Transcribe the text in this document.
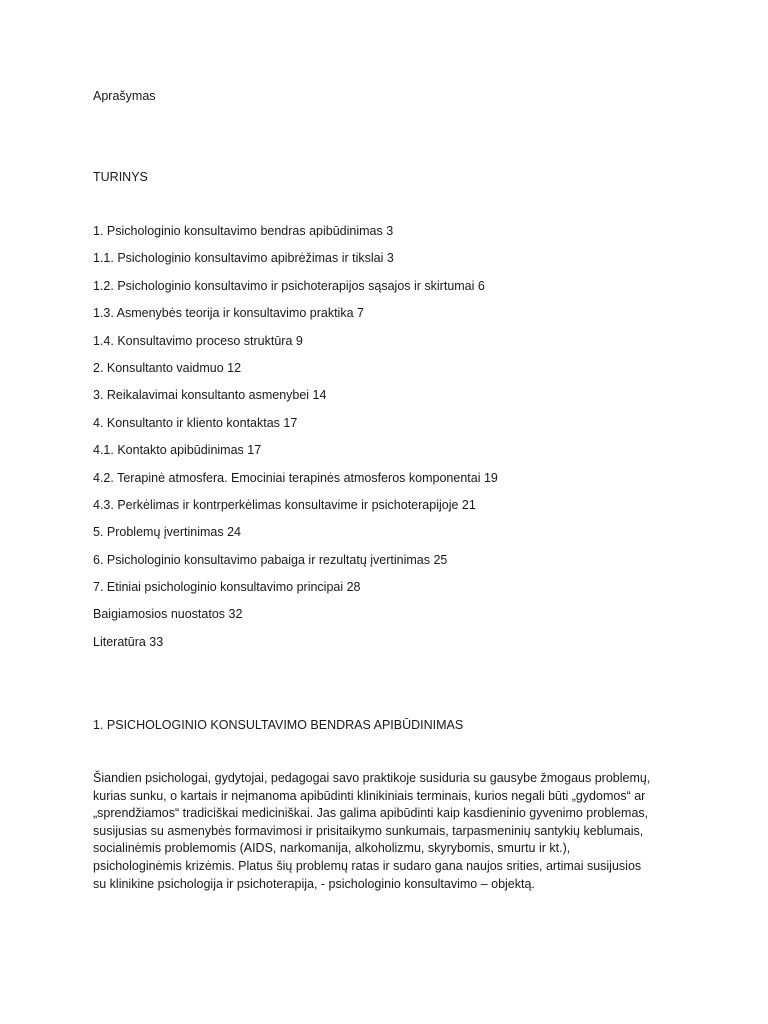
Aprašymas
TURINYS
1. Psichologinio konsultavimo bendras apibūdinimas 3
1.1. Psichologinio konsultavimo apibrėžimas ir tikslai 3
1.2. Psichologinio konsultavimo ir psichoterapijos sąsajos ir skirtumai 6
1.3. Asmenybės teorija ir konsultavimo praktika 7
1.4. Konsultavimo proceso struktūra 9
2. Konsultanto vaidmuo 12
3. Reikalavimai konsultanto asmenybei 14
4. Konsultanto ir kliento kontaktas 17
4.1. Kontakto apibūdinimas 17
4.2. Terapinė atmosfera. Emociniai terapinės atmosferos komponentai 19
4.3. Perkėlimas ir kontrperkėlimas konsultavime ir psichoterapijoje 21
5. Problemų įvertinimas 24
6. Psichologinio konsultavimo pabaiga ir rezultatų įvertinimas 25
7. Etiniai psichologinio konsultavimo principai 28
Baigiamosios nuostatos 32
Literatūra 33
1. PSICHOLOGINIO KONSULTAVIMO BENDRAS APIBŪDINIMAS
Šiandien psichologai, gydytojai, pedagogai savo praktikoje susiduria su gausybe žmogaus problemų,
kurias sunku, o kartais ir neįmanoma apibūdinti klinikiniais terminais, kurios negali būti „gydomos“ ar
„sprendžiamos“ tradiciškai mediciniškai. Jas galima apibūdinti kaip kasdieninio gyvenimo problemas,
susijusias su asmenybės formavimosi ir prisitaikymo sunkumais, tarpasmeninių santykių keblumais,
socialinėmis problemomis (AIDS, narkomanija, alkoholizmu, skyrybomis, smurtu ir kt.),
psichologinėmis krizėmis. Platus šių problemų ratas ir sudaro gana naujos srities, artimai susijusios
su klinikine psichologija ir psichoterapija, - psichologinio konsultavimo – objektą.
